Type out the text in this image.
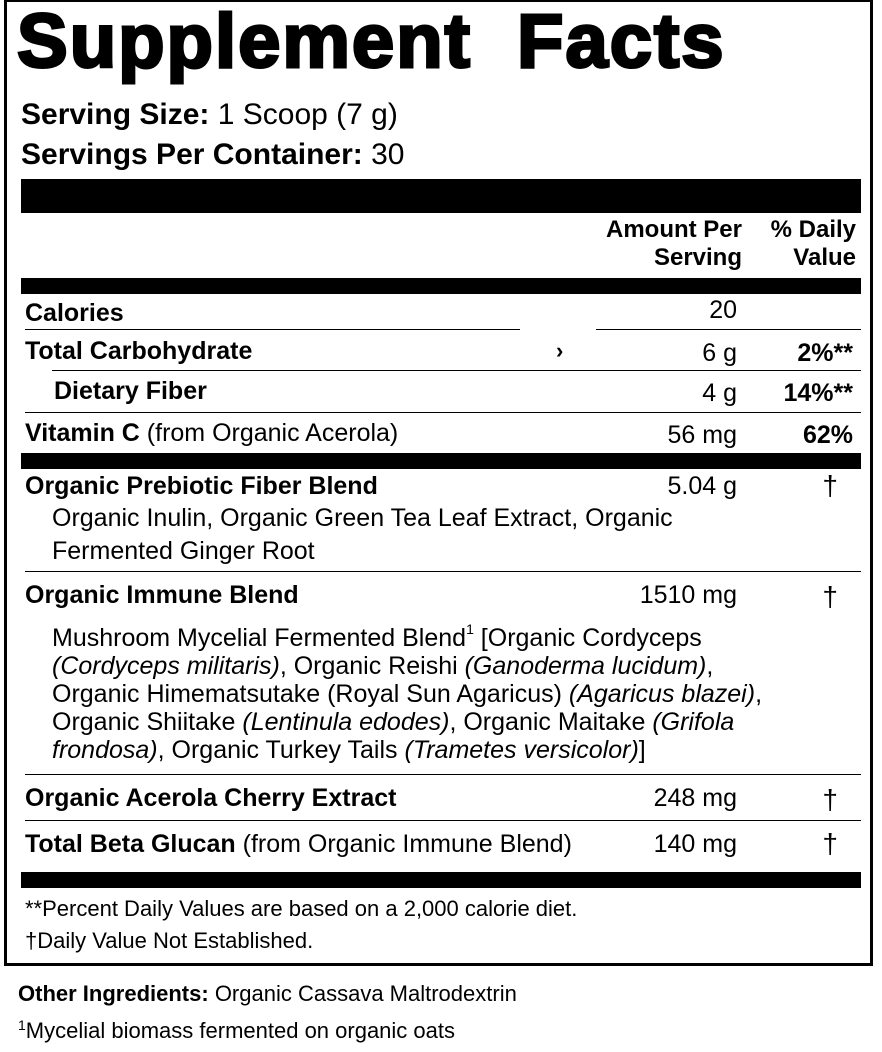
Supplement Facts
Serving Size: 1 Scoop (7 g)
Servings Per Container: 30
Amount Per
Serving
% Daily
Value
Calories	20
Total Carbohydrate	›	6 g 2%**
Dietary Fiber	4 g 14%**
Vitamin C (from Organic Acerola)	56 mg	62%
Organic Prebiotic Fiber Blend	5.04 g	†
Organic Inulin, Organic Green Tea Leaf Extract, Organic
Fermented Ginger Root
Organic Immune Blend	1510 mg	†
Mushroom Mycelial Fermented Blend$^1$ [Organic Cordyceps
(Cordyceps militaris), Organic Reishi (Ganoderma lucidum),
Organic Himematsutake (Royal Sun Agaricus) (Agaricus blazei),
Organic Shiitake (Lentinula edodes), Organic Maitake (Grifola
frondosa), Organic Turkey Tails (Trametes versicolor)]
Organic Acerola Cherry Extract	248 mg	†
Total Beta Glucan (from Organic Immune Blend)	140 mg	†
**Percent Daily Values are based on a 2,000 calorie diet.
†Daily Value Not Established.
Other Ingredients: Organic Cassava Maltrodextrin
$^1$Mycelial biomass fermented on organic oats
